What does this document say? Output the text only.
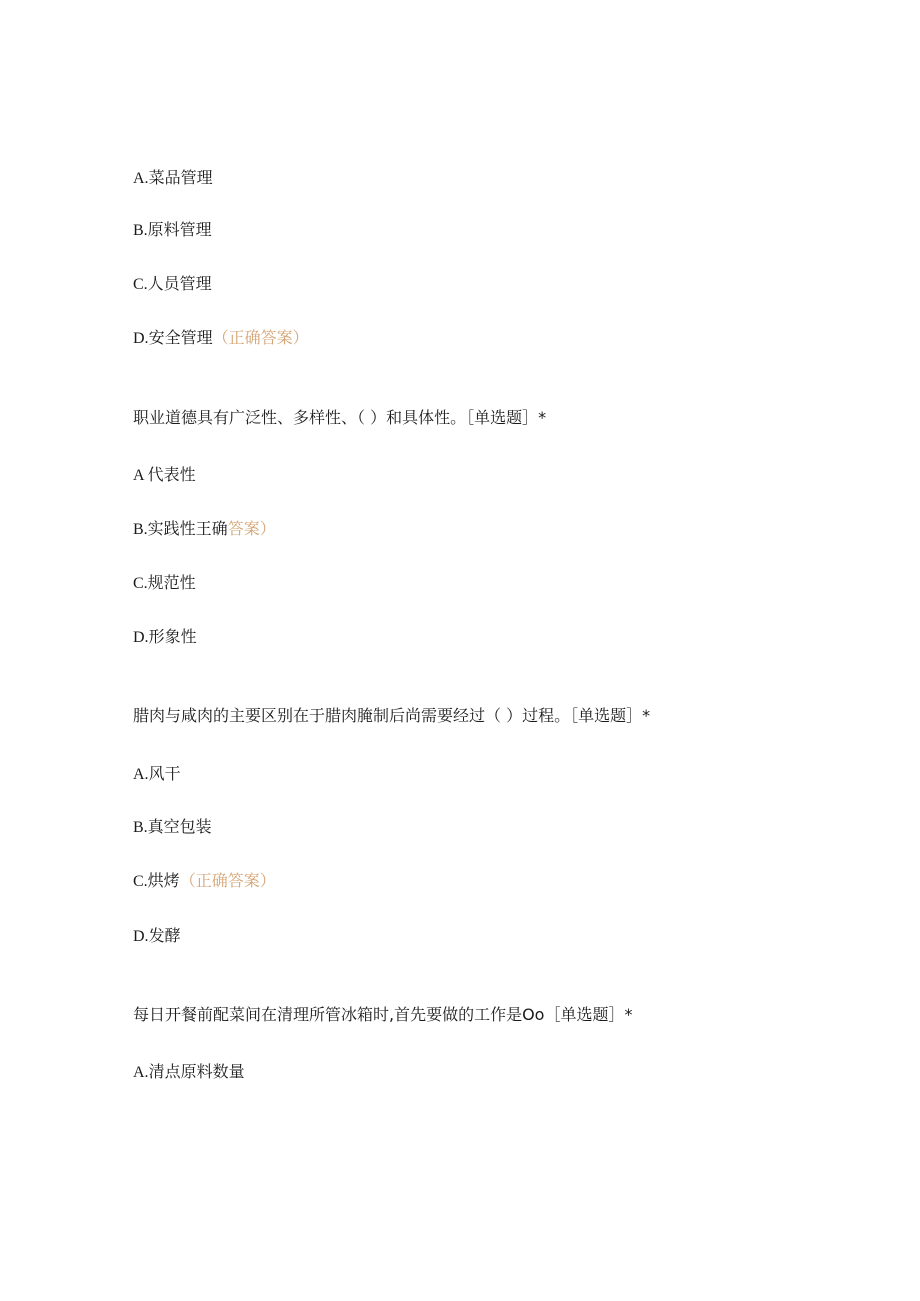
A.菜品管理
B.原料管理
C.人员管理
D.安全管理（正确答案）
职业道德具有广泛性、多样性、（ ）和具体性。［单选题］*
A 代表性
B.实践性王确答案）
C.规范性
D.形象性
腊肉与咸肉的主要区别在于腊肉腌制后尚需要经过（ ）过程。［单选题］*
A.风干
B.真空包装
C.烘烤（正确答案）
D.发酵
每日开餐前配菜间在清理所管冰箱时,首先要做的工作是Oo［单选题］*
A.清点原料数量
